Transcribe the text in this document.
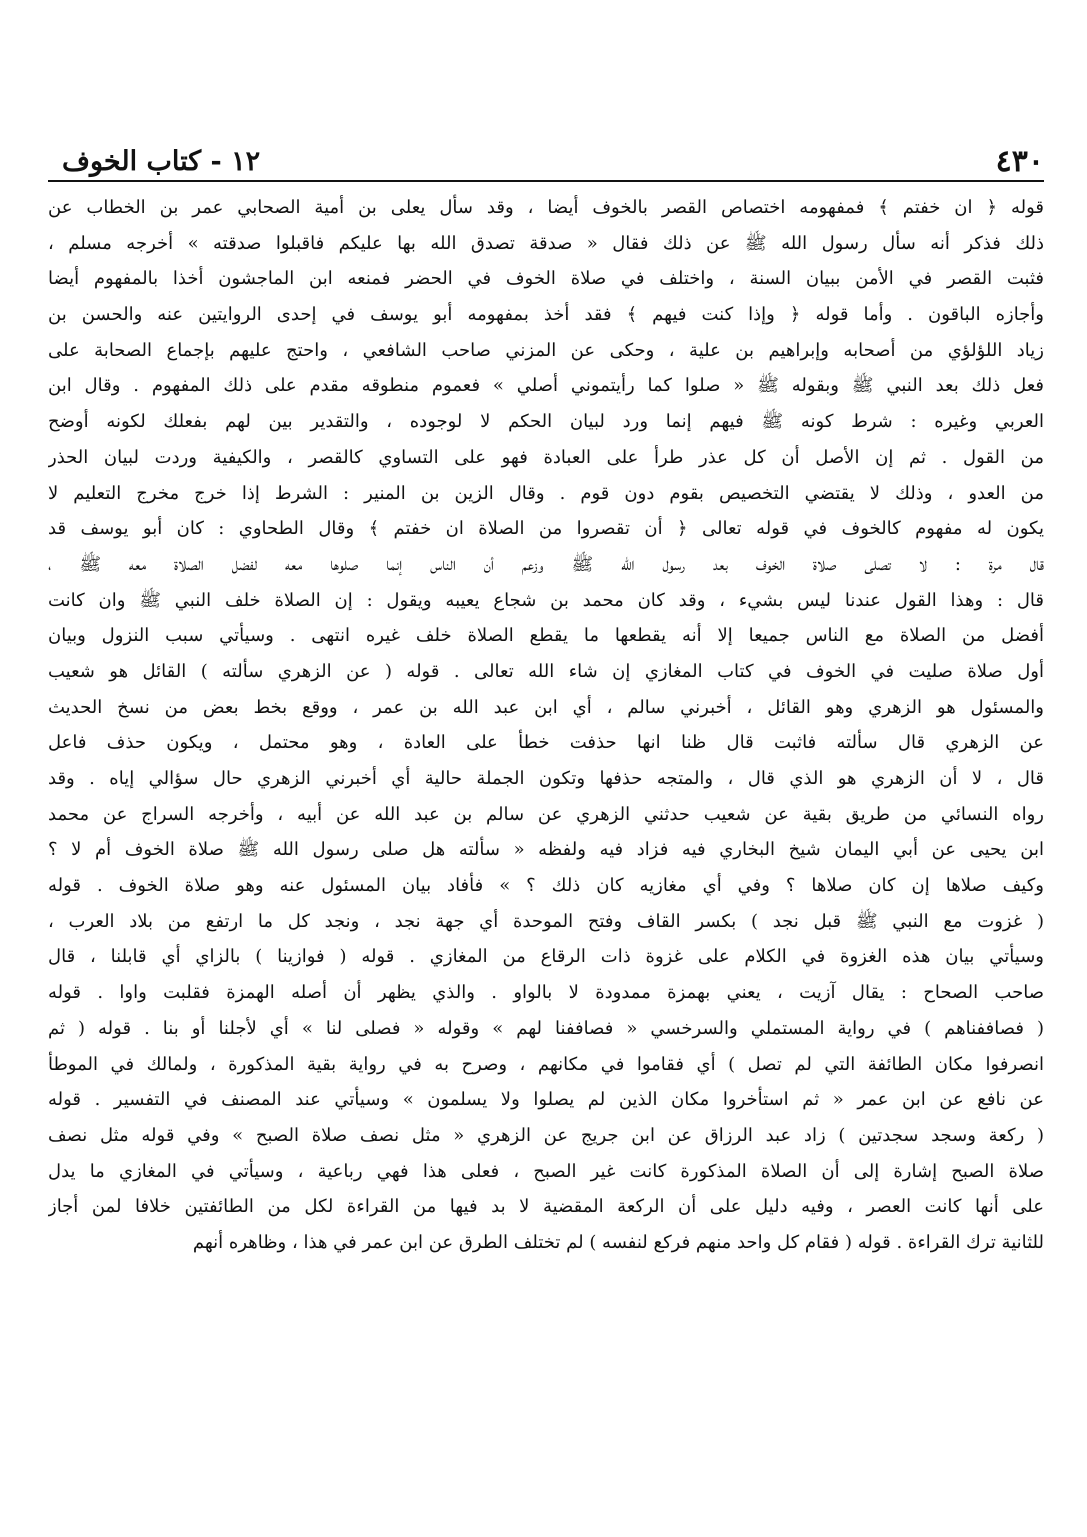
٤٣٠
١٢ - كتاب الخوف
قوله ﴿ ان خفتم ﴾ فمفهومه اختصاص القصر بالخوف أيضا ، وقد سأل يعلى بن أمية الصحابي عمر بن الخطاب عن
ذلك فذكر أنه سأل رسول الله ﷺ عن ذلك فقال « صدقة تصدق الله بها عليكم فاقبلوا صدقته » أخرجه مسلم ،
فثبت القصر في الأمن ببيان السنة ، واختلف في صلاة الخوف في الحضر فمنعه ابن الماجشون أخذا بالمفهوم أيضا
وأجازه الباقون . وأما قوله ﴿ وإذا كنت فيهم ﴾ فقد أخذ بمفهومه أبو يوسف في إحدى الروايتين عنه والحسن بن
زياد اللؤلؤي من أصحابه وإبراهيم بن علية ، وحكى عن المزني صاحب الشافعي ، واحتج عليهم بإجماع الصحابة على
فعل ذلك بعد النبي ﷺ وبقوله ﷺ « صلوا كما رأيتموني أصلي » فعموم منطوقه مقدم على ذلك المفهوم . وقال ابن
العربي وغيره : شرط كونه ﷺ فيهم إنما ورد لبيان الحكم لا لوجوده ، والتقدير بين لهم بفعلك لكونه أوضح
من القول . ثم إن الأصل أن كل عذر طرأ على العبادة فهو على التساوي كالقصر ، والكيفية وردت لبيان الحذر
من العدو ، وذلك لا يقتضي التخصيص بقوم دون قوم . وقال الزين بن المنير : الشرط إذا خرج مخرج التعليم لا
يكون له مفهوم كالخوف في قوله تعالى ﴿ أن تقصروا من الصلاة ان خفتم ﴾ وقال الطحاوي : كان أبو يوسف قد
قال مرة : لا تصلى صلاة الخوف بعد رسول الله ﷺ وزعم أن الناس إنما صلوها معه لفضل الصلاة معه ﷺ ،
قال : وهذا القول عندنا ليس بشيء ، وقد كان محمد بن شجاع يعيبه ويقول : إن الصلاة خلف النبي ﷺ وان كانت
أفضل من الصلاة مع الناس جميعا إلا أنه يقطعها ما يقطع الصلاة خلف غيره انتهى . وسيأتي سبب النزول وبيان
أول صلاة صليت في الخوف في كتاب المغازي إن شاء الله تعالى . قوله ( عن الزهري سألته ) القائل هو شعيب
والمسئول هو الزهري وهو القائل ، أخبرني سالم ، أي ابن عبد الله بن عمر ، ووقع بخط بعض من نسخ الحديث
عن الزهري قال سألته فاثبت قال ظنا انها حذفت خطأ على العادة ، وهو محتمل ، ويكون حذف فاعل
قال ، لا أن الزهري هو الذي قال ، والمتجه حذفها وتكون الجملة حالية أي أخبرني الزهري حال سؤالي إياه . وقد
رواه النسائي من طريق بقية عن شعيب حدثني الزهري عن سالم بن عبد الله عن أبيه ، وأخرجه السراج عن محمد
ابن يحيى عن أبي اليمان شيخ البخاري فيه فزاد فيه ولفظه « سألته هل صلى رسول الله ﷺ صلاة الخوف أم لا ؟
وكيف صلاها إن كان صلاها ؟ وفي أي مغازيه كان ذلك ؟ » فأفاد بيان المسئول عنه وهو صلاة الخوف . قوله
( غزوت مع النبي ﷺ قبل نجد ) بكسر القاف وفتح الموحدة أي جهة نجد ، ونجد كل ما ارتفع من بلاد العرب ،
وسيأتي بيان هذه الغزوة في الكلام على غزوة ذات الرقاع من المغازي . قوله ( فوازينا ) بالزاي أي قابلنا ، قال
صاحب الصحاح : يقال آزيت ، يعني بهمزة ممدودة لا بالواو . والذي يظهر أن أصله الهمزة فقلبت واوا . قوله
( فصاففناهم ) في رواية المستملي والسرخسي « فصاففنا لهم » وقوله « فصلى لنا » أي لأجلنا أو بنا . قوله ( ثم
انصرفوا مكان الطائفة التي لم تصل ) أي فقاموا في مكانهم ، وصرح به في رواية بقية المذكورة ، ولمالك في الموطأ
عن نافع عن ابن عمر « ثم استأخروا مكان الذين لم يصلوا ولا يسلمون » وسيأتي عند المصنف في التفسير . قوله
( ركعة وسجد سجدتين ) زاد عبد الرزاق عن ابن جريج عن الزهري « مثل نصف صلاة الصبح » وفي قوله مثل نصف
صلاة الصبح إشارة إلى أن الصلاة المذكورة كانت غير الصبح ، فعلى هذا فهي رباعية ، وسيأتي في المغازي ما يدل
على أنها كانت العصر ، وفيه دليل على أن الركعة المقضية لا بد فيها من القراءة لكل من الطائفتين خلافا لمن أجاز
للثانية ترك القراءة . قوله ( فقام كل واحد منهم فركع لنفسه ) لم تختلف الطرق عن ابن عمر في هذا ، وظاهره أنهم
